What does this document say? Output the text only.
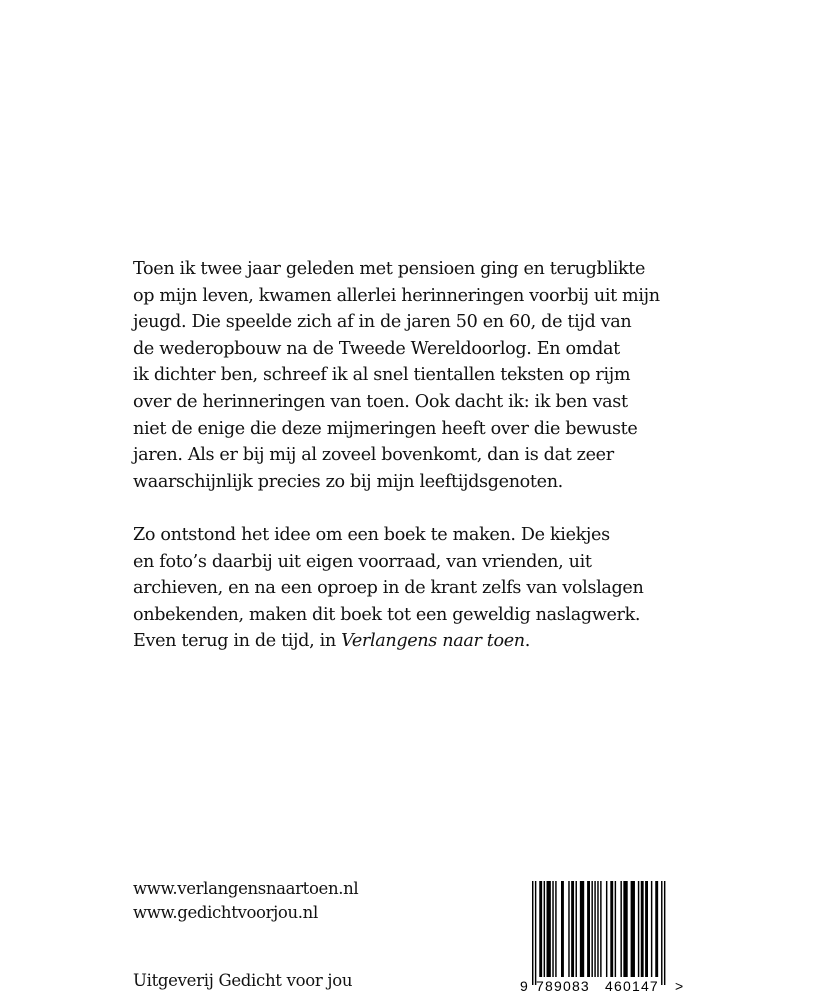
Toen ik twee jaar geleden met pensioen ging en terugblikte
op mijn leven, kwamen allerlei herinneringen voorbij uit mijn
jeugd. Die speelde zich af in de jaren 50 en 60, de tijd van
de wederopbouw na de Tweede Wereldoorlog. En omdat
ik dichter ben, schreef ik al snel tientallen teksten op rijm
over de herinneringen van toen. Ook dacht ik: ik ben vast
niet de enige die deze mijmeringen heeft over die bewuste
jaren. Als er bij mij al zoveel bovenkomt, dan is dat zeer
waarschijnlijk precies zo bij mijn leeftijdsgenoten.
Zo ontstond het idee om een boek te maken. De kiekjes
en foto’s daarbij uit eigen voorraad, van vrienden, uit
archieven, en na een oproep in de krant zelfs van volslagen
onbekenden, maken dit boek tot een geweldig naslagwerk.
Even terug in de tijd, in Verlangens naar toen.
www.verlangensnaartoen.nl
www.gedichtvoorjou.nl
Uitgeverij Gedicht voor jou	9 789083 460147 >
